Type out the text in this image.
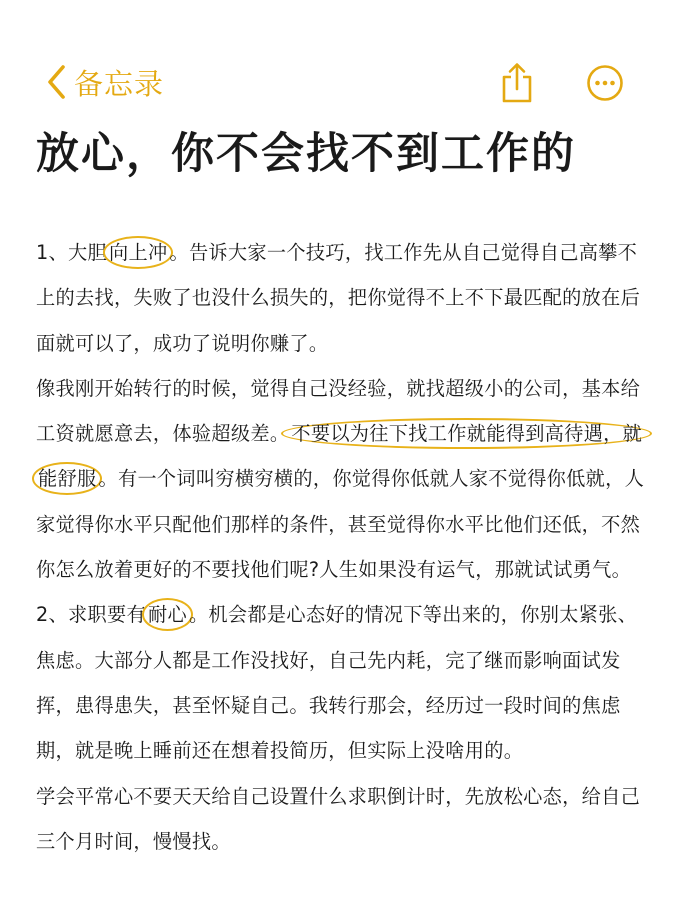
备忘录
放心，你不会找不到工作的

1、大胆 向上冲 。告诉大家一个技巧，找工作先从自己觉得自己高攀不
上的去找，失败了也没什么损失的，把你觉得不上不下最匹配的放在后
面就可以了，成功了说明你赚了。

像我刚开始转行的时候，觉得自己没经验，就找超级小的公司，基本给
工资就愿意去，体验超级差。 不要以为往下找工作就能得到高待遇，就
能舒服 。有一个词叫穷横穷横的，你觉得你低就人家不觉得你低就，人
家觉得你水平只配他们那样的条件，甚至觉得你水平比他们还低，不然
你怎么放着更好的不要找他们呢?人生如果没有运气，那就试试勇气。

2、求职要有 耐心 。机会都是心态好的情况下等出来的，你别太紧张、
焦虑。大部分人都是工作没找好，自己先内耗，完了继而影响面试发
挥，患得患失，甚至怀疑自己。我转行那会，经历过一段时间的焦虑
期，就是晚上睡前还在想着投简历，但实际上没啥用的。

学会平常心不要天天给自己设置什么求职倒计时，先放松心态，给自己
三个月时间，慢慢找。
